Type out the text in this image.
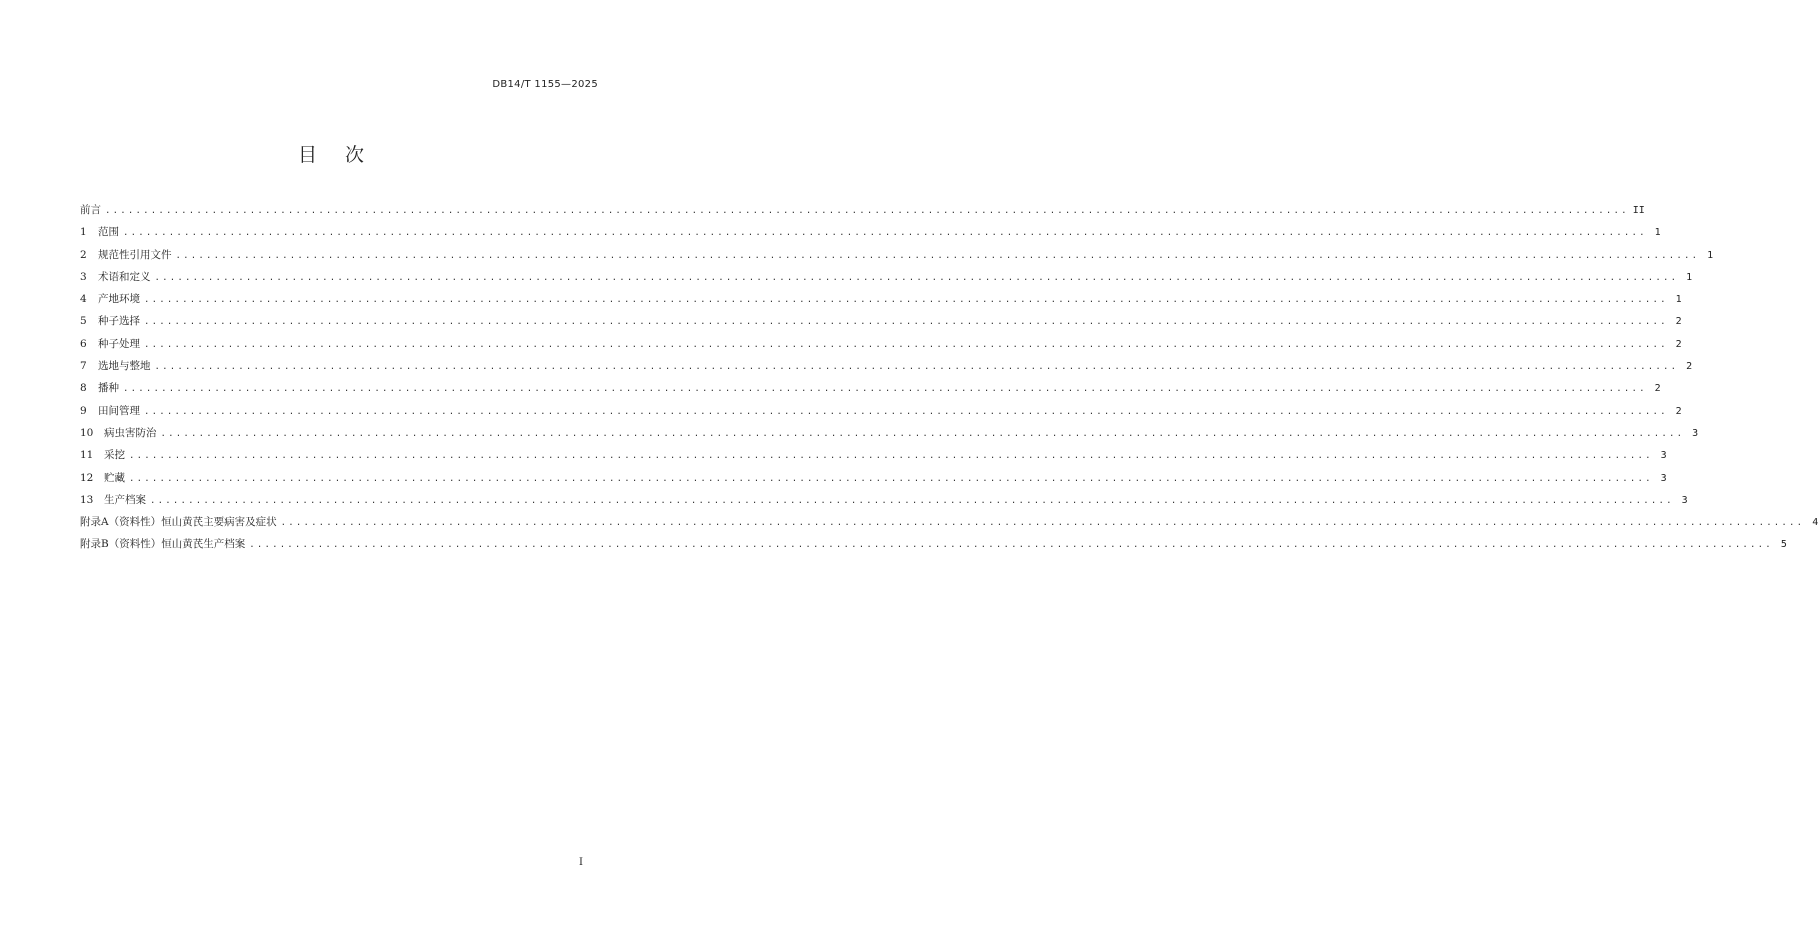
DB14/T 1155—2025
目次
前言 ........................................................................................................................................................................................................ II
1	范围 ........................................................................................................................................................................................................ 1
2	规范性引用文件 ........................................................................................................................................................................................................ 1
3	术语和定义 ........................................................................................................................................................................................................ 1
4	产地环境 ........................................................................................................................................................................................................ 1
5	种子选择 ........................................................................................................................................................................................................ 2
6	种子处理 ........................................................................................................................................................................................................ 2
7	选地与整地 ........................................................................................................................................................................................................ 2
8	播种 ........................................................................................................................................................................................................ 2
9	田间管理 ........................................................................................................................................................................................................ 2
10	病虫害防治 ........................................................................................................................................................................................................ 3
11	采挖 ........................................................................................................................................................................................................ 3
12	贮藏 ........................................................................................................................................................................................................ 3
13	生产档案 ........................................................................................................................................................................................................ 3
附录A（资料性）恒山黄芪主要病害及症状 ........................................................................................................................................................................................................ 4
附录B（资料性）恒山黄芪生产档案 ........................................................................................................................................................................................................ 5
I
